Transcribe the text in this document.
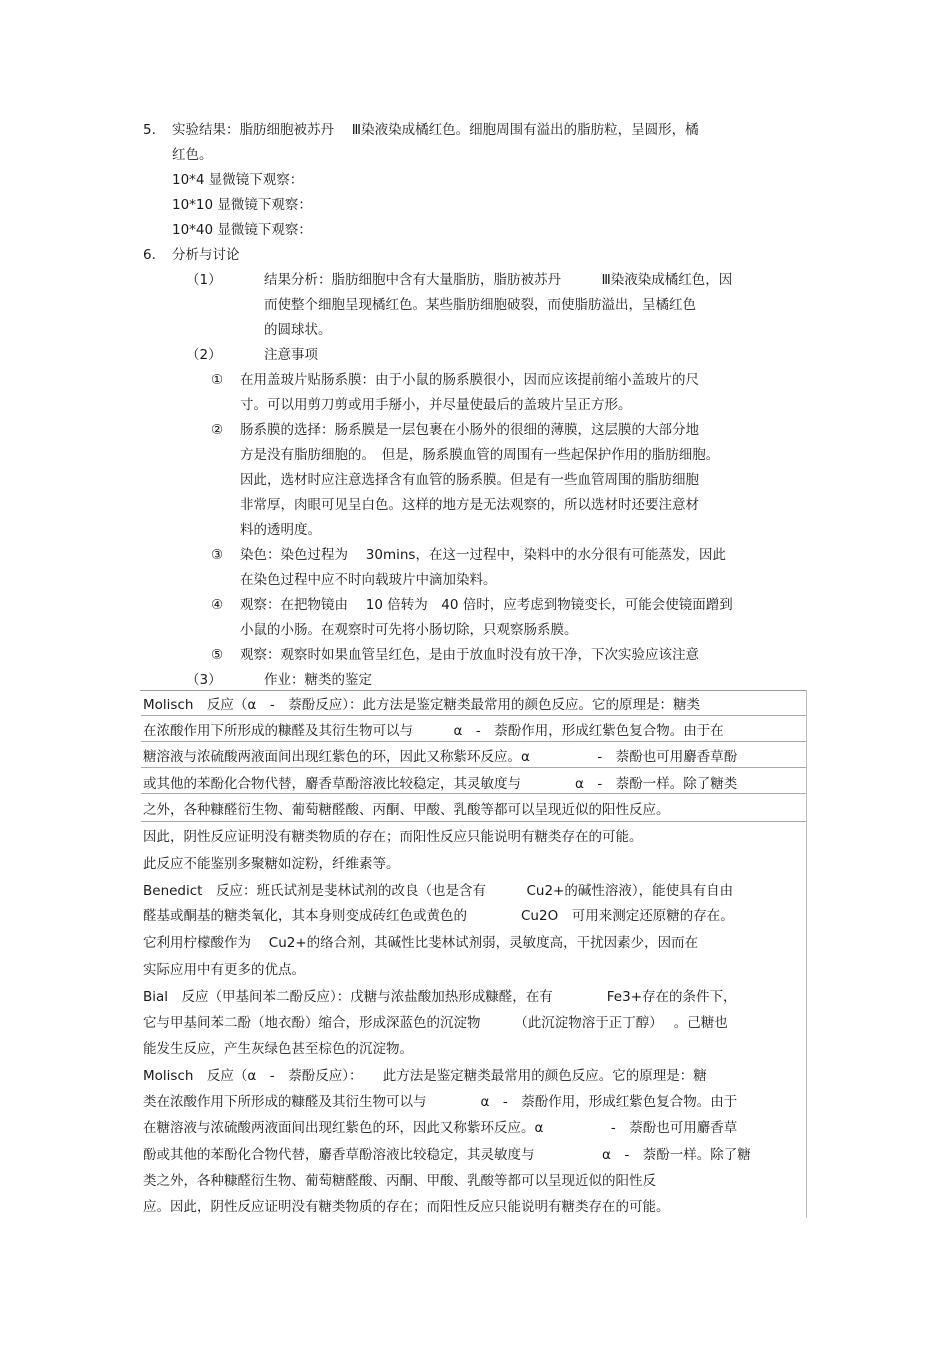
5. 实验结果：脂肪细胞被苏丹　 Ⅲ染液染成橘红色。细胞周围有溢出的脂肪粒，呈圆形，橘
红色。
10*4 显微镜下观察：
10*10 显微镜下观察：
10*40 显微镜下观察：
6. 分析与讨论
（1）	结果分析：脂肪细胞中含有大量脂肪，脂肪被苏丹　　　Ⅲ染液染成橘红色，因
而使整个细胞呈现橘红色。某些脂肪细胞破裂，而使脂肪溢出，呈橘红色
的圆球状。
（2）	注意事项
① 在用盖玻片贴肠系膜：由于小鼠的肠系膜很小，因而应该提前缩小盖玻片的尺
寸。可以用剪刀剪或用手掰小，并尽量使最后的盖玻片呈正方形。
② 肠系膜的选择：肠系膜是一层包裹在小肠外的很细的薄膜，这层膜的大部分地
方是没有脂肪细胞的。　但是，肠系膜血管的周围有一些起保护作用的脂肪细胞。
因此，选材时应注意选择含有血管的肠系膜。但是有一些血管周围的脂肪细胞
非常厚，肉眼可见呈白色。这样的地方是无法观察的，所以选材时还要注意材
料的透明度。
③ 染色：染色过程为　 30mins，在这一过程中，染料中的水分很有可能蒸发，因此
在染色过程中应不时向载玻片中滴加染料。
④ 观察：在把物镜由　 10 倍转为　40 倍时，应考虑到物镜变长，可能会使镜面蹭到
小鼠的小肠。在观察时可先将小肠切除，只观察肠系膜。
⑤ 观察：观察时如果血管呈红色，是由于放血时没有放干净，下次实验应该注意
（3）	作业：糖类的鉴定
Molisch　反应（α　-　萘酚反应）：此方法是鉴定糖类最常用的颜色反应。它的原理是：糖类
在浓酸作用下所形成的糠醛及其衍生物可以与　　　α　-　萘酚作用，形成红紫色复合物。由于在
糖溶液与浓硫酸两液面间出现红紫色的环，因此又称紫环反应。α　　　　　-　萘酚也可用麝香草酚
或其他的苯酚化合物代替，麝香草酚溶液比较稳定，其灵敏度与　　　　α　-　萘酚一样。除了糖类
之外，各种糠醛衍生物、葡萄糖醛酸、丙酮、甲酸、乳酸等都可以呈现近似的阳性反应。
因此，阴性反应证明没有糖类物质的存在；而阳性反应只能说明有糖类存在的可能。
此反应不能鉴别多聚糖如淀粉，纤维素等。
Benedict　反应：班氏试剂是斐林试剂的改良（也是含有　　　Cu2+的碱性溶液），能使具有自由
醛基或酮基的糖类氧化，其本身则变成砖红色或黄色的　　　　Cu2O　可用来测定还原糖的存在。
它利用柠檬酸作为　 Cu2+的络合剂，其碱性比斐林试剂弱，灵敏度高，干扰因素少，因而在
实际应用中有更多的优点。
Bial　反应（甲基间苯二酚反应）：戊糖与浓盐酸加热形成糠醛，在有　　　　Fe3+存在的条件下，
它与甲基间苯二酚（地衣酚）缩合，形成深蓝色的沉淀物　　　（此沉淀物溶于正丁醇）　 。己糖也
能发生反应，产生灰绿色甚至棕色的沉淀物。
Molisch　反应（α　-　萘酚反应）：　　此方法是鉴定糖类最常用的颜色反应。它的原理是：糖
类在浓酸作用下所形成的糠醛及其衍生物可以与　　　　α　-　萘酚作用，形成红紫色复合物。由于
在糖溶液与浓硫酸两液面间出现红紫色的环，因此又称紫环反应。α　　　　　-　萘酚也可用麝香草
酚或其他的苯酚化合物代替，麝香草酚溶液比较稳定，其灵敏度与　　　　　α　-　萘酚一样。除了糖
类之外，各种糠醛衍生物、葡萄糖醛酸、丙酮、甲酸、乳酸等都可以呈现近似的阳性反
应。因此，阴性反应证明没有糖类物质的存在；而阳性反应只能说明有糖类存在的可能。
